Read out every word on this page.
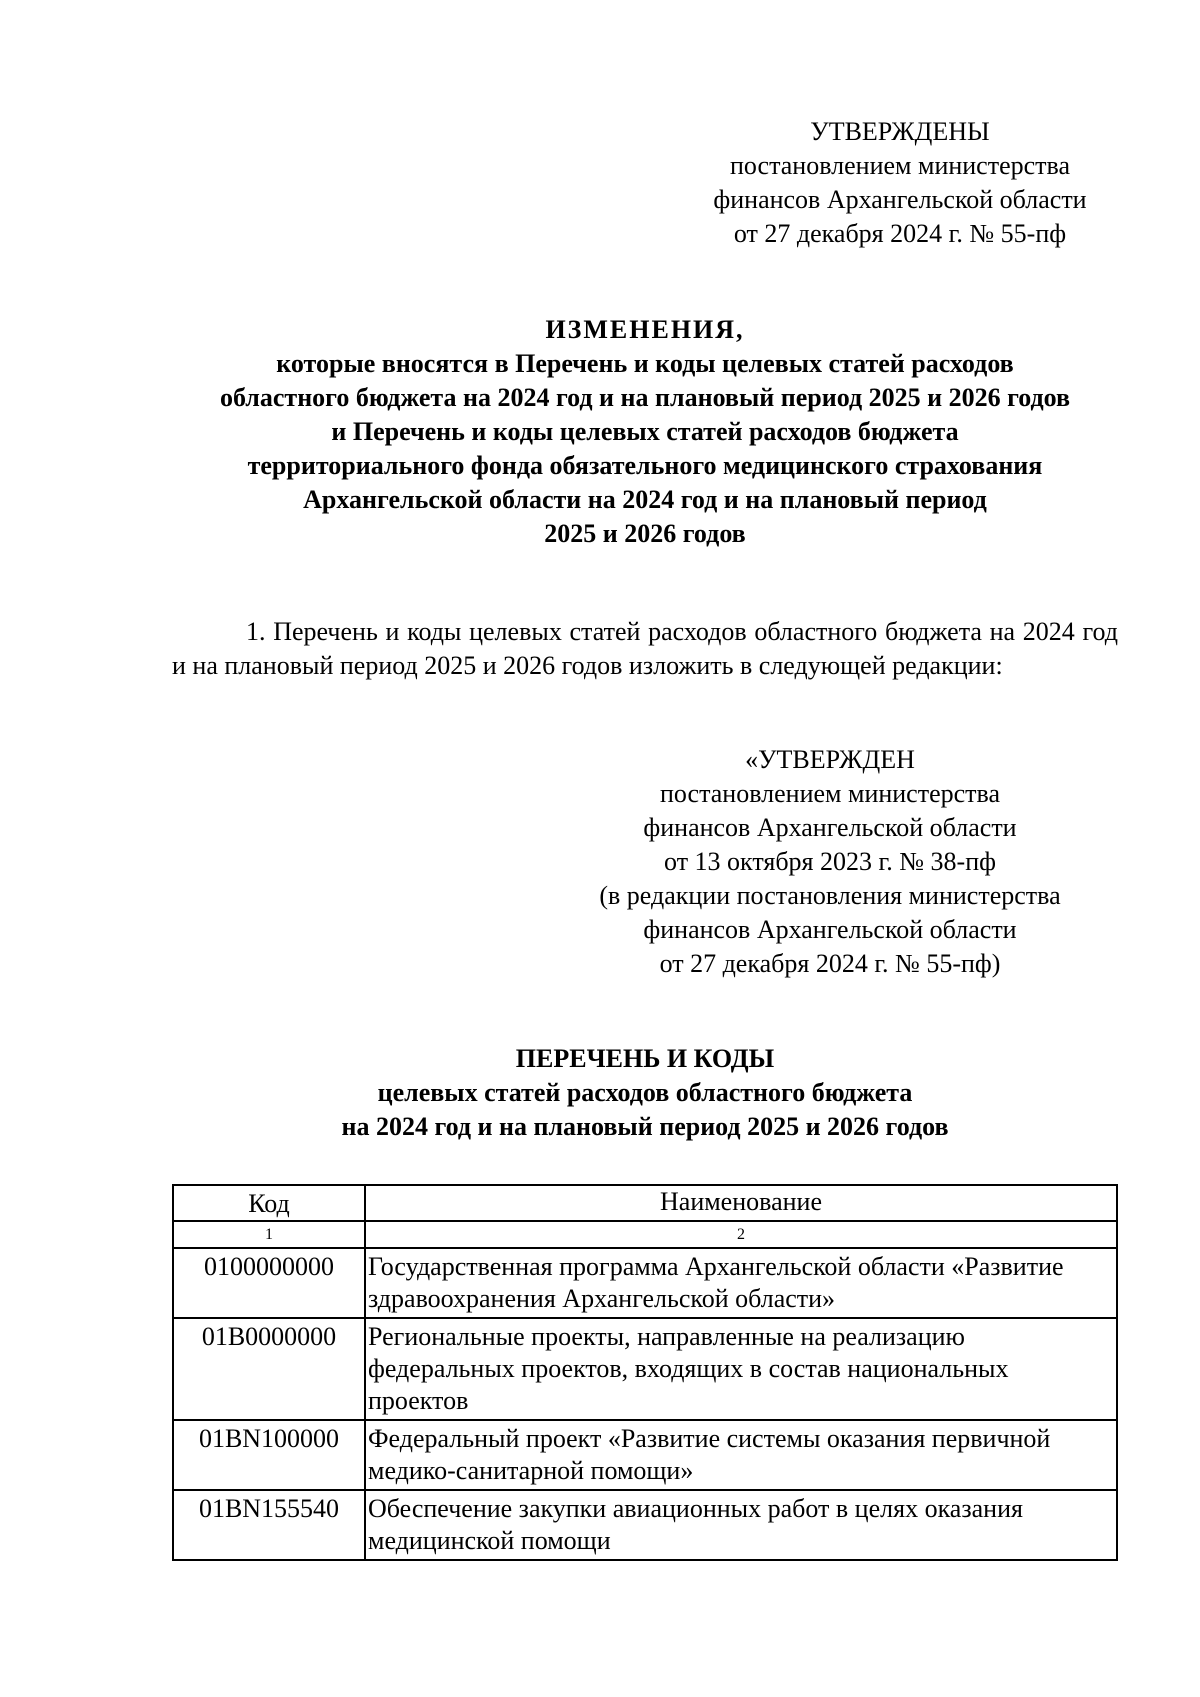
УТВЕРЖДЕНЫ
постановлением министерства
финансов Архангельской области
от 27 декабря 2024 г. № 55-пф
ИЗМЕНЕНИЯ,
которые вносятся в Перечень и коды целевых статей расходов
областного бюджета на 2024 год и на плановый период 2025 и 2026 годов
и Перечень и коды целевых статей расходов бюджета
территориального фонда обязательного медицинского страхования
Архангельской области на 2024 год и на плановый период
2025 и 2026 годов
1. Перечень и коды целевых статей расходов областного бюджета на 2024 год и на плановый период 2025 и 2026 годов изложить в следующей редакции:
«УТВЕРЖДЕН
постановлением министерства
финансов Архангельской области
от 13 октября 2023 г. № 38-пф
(в редакции постановления министерства
финансов Архангельской области
от 27 декабря 2024 г. № 55-пф)
ПЕРЕЧЕНЬ И КОДЫ
целевых статей расходов областного бюджета
на 2024 год и на плановый период 2025 и 2026 годов
Код	Наименование
1	2
0100000000	Государственная программа Архангельской области «Развитие здравоохранения Архангельской области»
01B0000000	Региональные проекты, направленные на реализацию федеральных проектов, входящих в состав национальных проектов
01BN100000	Федеральный проект «Развитие системы оказания первичной медико-санитарной помощи»
01BN155540	Обеспечение закупки авиационных работ в целях оказания медицинской помощи
